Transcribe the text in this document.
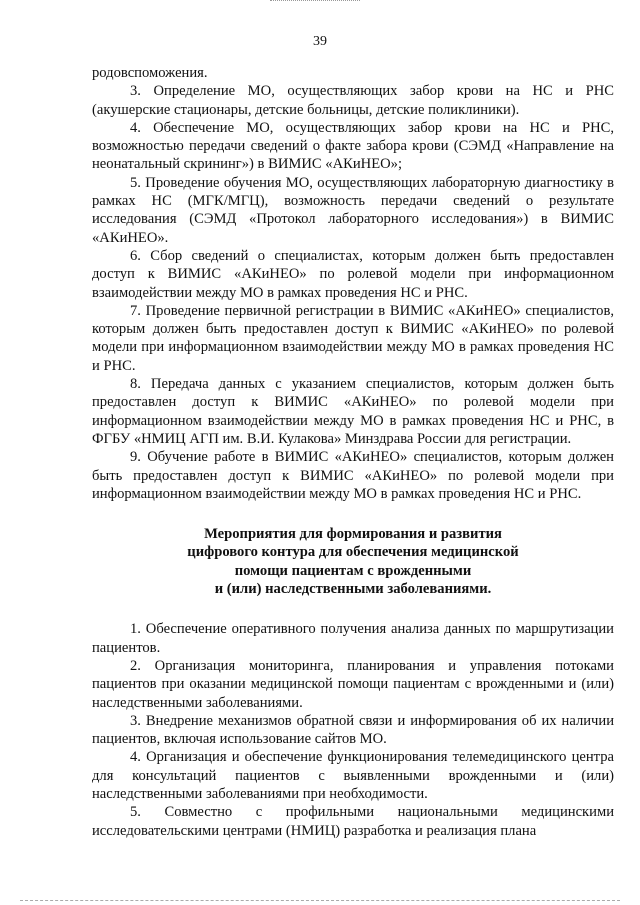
39

родовспоможения.

3. Определение МО, осуществляющих забор крови на НС и РНС (акушерские стационары, детские больницы, детские поликлиники).

4. Обеспечение МО, осуществляющих забор крови на НС и РНС, возможностью передачи сведений о факте забора крови (СЭМД «Направление на неонатальный скрининг») в ВИМИС «АКиНЕО»;

5. Проведение обучения МО, осуществляющих лабораторную диагностику в рамках НС (МГК/МГЦ), возможность передачи сведений о результате исследования (СЭМД «Протокол лабораторного исследования») в ВИМИС «АКиНЕО».

6. Сбор сведений о специалистах, которым должен быть предоставлен доступ к ВИМИС «АКиНЕО» по ролевой модели при информационном взаимодействии между МО в рамках проведения НС и РНС.

7. Проведение первичной регистрации в ВИМИС «АКиНЕО» специалистов, которым должен быть предоставлен доступ к ВИМИС «АКиНЕО» по ролевой модели при информационном взаимодействии между МО в рамках проведения НС и РНС.

8. Передача данных с указанием специалистов, которым должен быть предоставлен доступ к ВИМИС «АКиНЕО» по ролевой модели при информационном взаимодействии между МО в рамках проведения НС и РНС, в ФГБУ «НМИЦ АГП им. В.И. Кулакова» Минздрава России для регистрации.

9. Обучение работе в ВИМИС «АКиНЕО» специалистов, которым должен быть предоставлен доступ к ВИМИС «АКиНЕО» по ролевой модели при информационном взаимодействии между МО в рамках проведения НС и РНС.

Мероприятия для формирования и развития
цифрового контура для обеспечения медицинской
помощи пациентам с врожденными
и (или) наследственными заболеваниями.

1. Обеспечение оперативного получения анализа данных по маршрутизации пациентов.

2. Организация мониторинга, планирования и управления потоками пациентов при оказании медицинской помощи пациентам с врожденными и (или) наследственными заболеваниями.

3. Внедрение механизмов обратной связи и информирования об их наличии пациентов, включая использование сайтов МО.

4. Организация и обеспечение функционирования телемедицинского центра для консультаций пациентов с выявленными врожденными и (или) наследственными заболеваниями при необходимости.

5. Совместно с профильными национальными медицинскими исследовательскими центрами (НМИЦ) разработка и реализация плана
